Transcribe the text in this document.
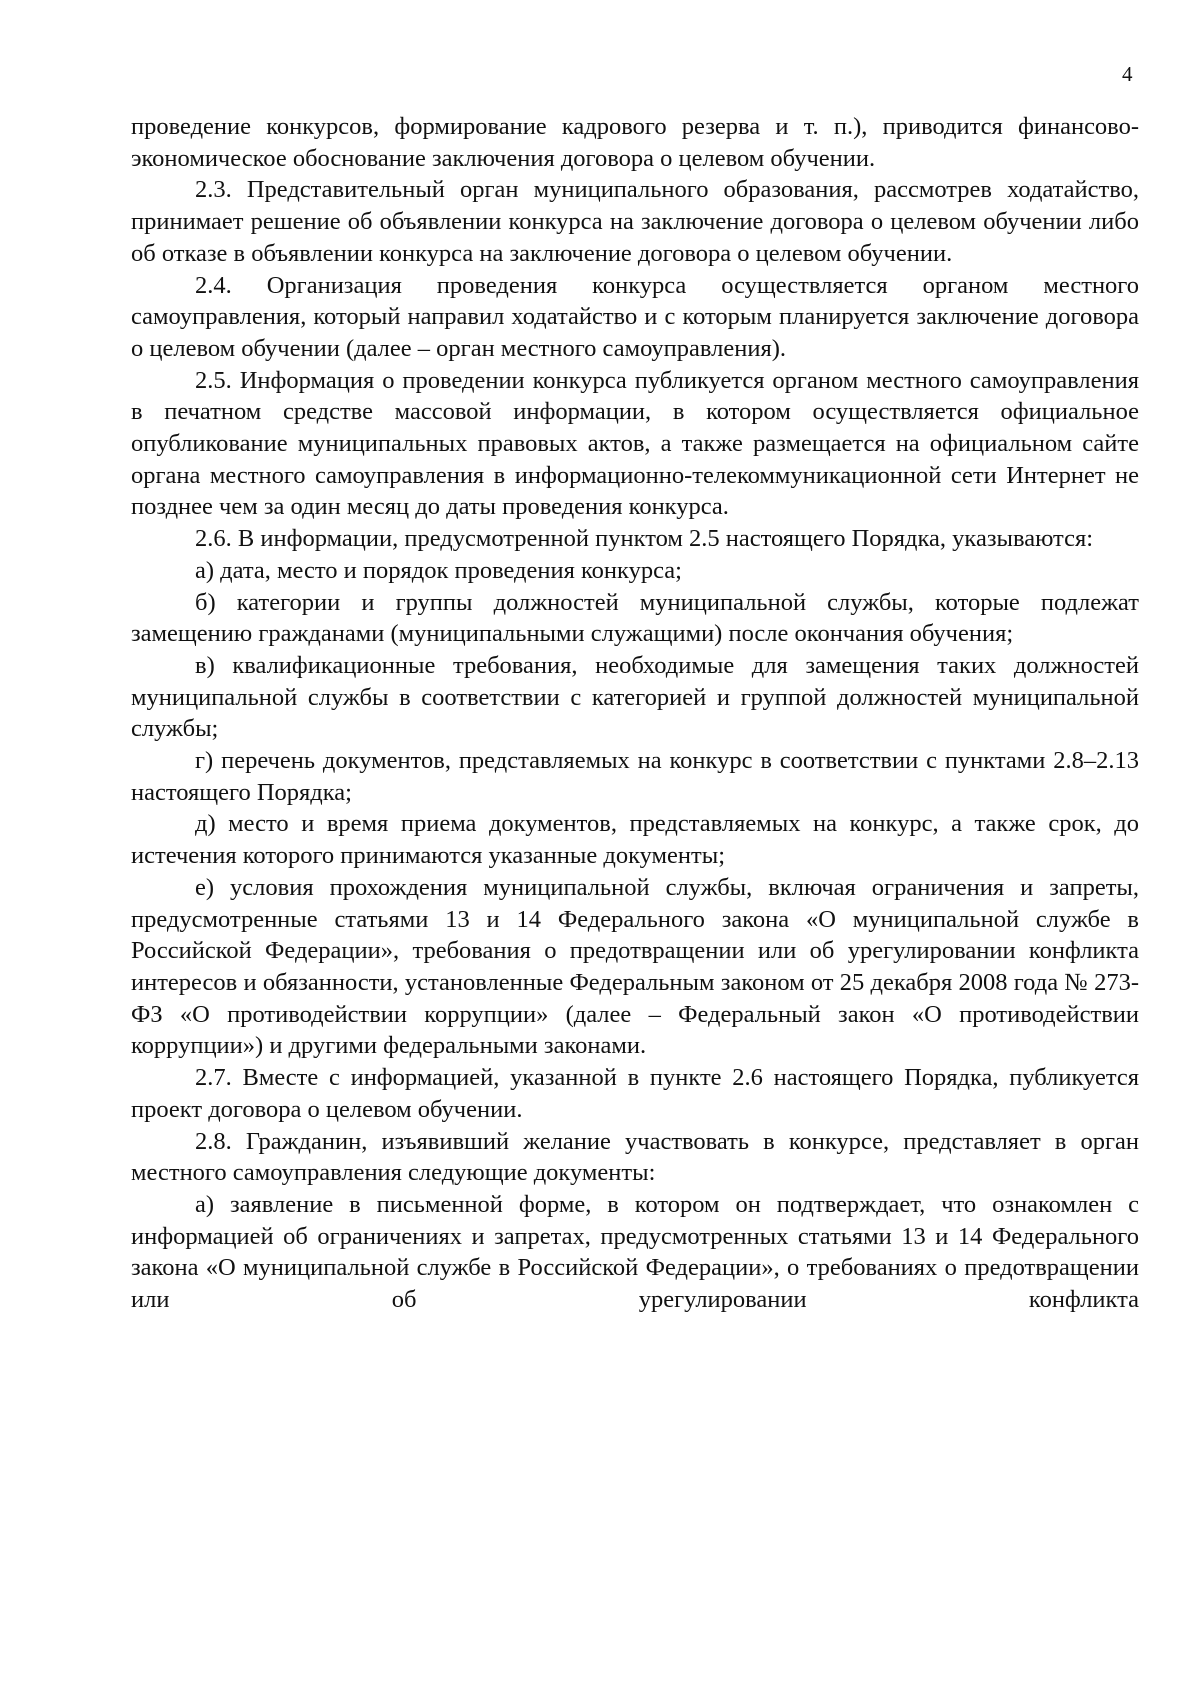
4

проведение конкурсов, формирование кадрового резерва и т. п.), приводится финансово-экономическое обоснование заключения договора о целевом обучении.

2.3. Представительный орган муниципального образования, рассмотрев ходатайство, принимает решение об объявлении конкурса на заключение договора о целевом обучении либо об отказе в объявлении конкурса на заключение договора о целевом обучении.

2.4. Организация проведения конкурса осуществляется органом местного самоуправления, который направил ходатайство и с которым планируется заключение договора о целевом обучении (далее – орган местного самоуправления).

2.5. Информация о проведении конкурса публикуется органом местного самоуправления в печатном средстве массовой информации, в котором осуществляется официальное опубликование муниципальных правовых актов, а также размещается на официальном сайте органа местного самоуправления в информационно-телекоммуникационной сети Интернет не позднее чем за один месяц до даты проведения конкурса.

2.6. В информации, предусмотренной пунктом 2.5 настоящего Порядка, указываются:

а) дата, место и порядок проведения конкурса;

б) категории и группы должностей муниципальной службы, которые подлежат замещению гражданами (муниципальными служащими) после окончания обучения;

в) квалификационные требования, необходимые для замещения таких должностей муниципальной службы в соответствии с категорией и группой должностей муниципальной службы;

г) перечень документов, представляемых на конкурс в соответствии с пунктами 2.8–2.13 настоящего Порядка;

д) место и время приема документов, представляемых на конкурс, а также срок, до истечения которого принимаются указанные документы;

е) условия прохождения муниципальной службы, включая ограничения и запреты, предусмотренные статьями 13 и 14 Федерального закона «О муниципальной службе в Российской Федерации», требования о предотвращении или об урегулировании конфликта интересов и обязанности, установленные Федеральным законом от 25 декабря 2008 года № 273-ФЗ «О противодействии коррупции» (далее – Федеральный закон «О противодействии коррупции») и другими федеральными законами.

2.7. Вместе с информацией, указанной в пункте 2.6 настоящего Порядка, публикуется проект договора о целевом обучении.

2.8. Гражданин, изъявивший желание участвовать в конкурсе, представляет в орган местного самоуправления следующие документы:

а) заявление в письменной форме, в котором он подтверждает, что ознакомлен с информацией об ограничениях и запретах, предусмотренных статьями 13 и 14 Федерального закона «О муниципальной службе в Российской Федерации», о требованиях о предотвращении или об урегулировании конфликта
